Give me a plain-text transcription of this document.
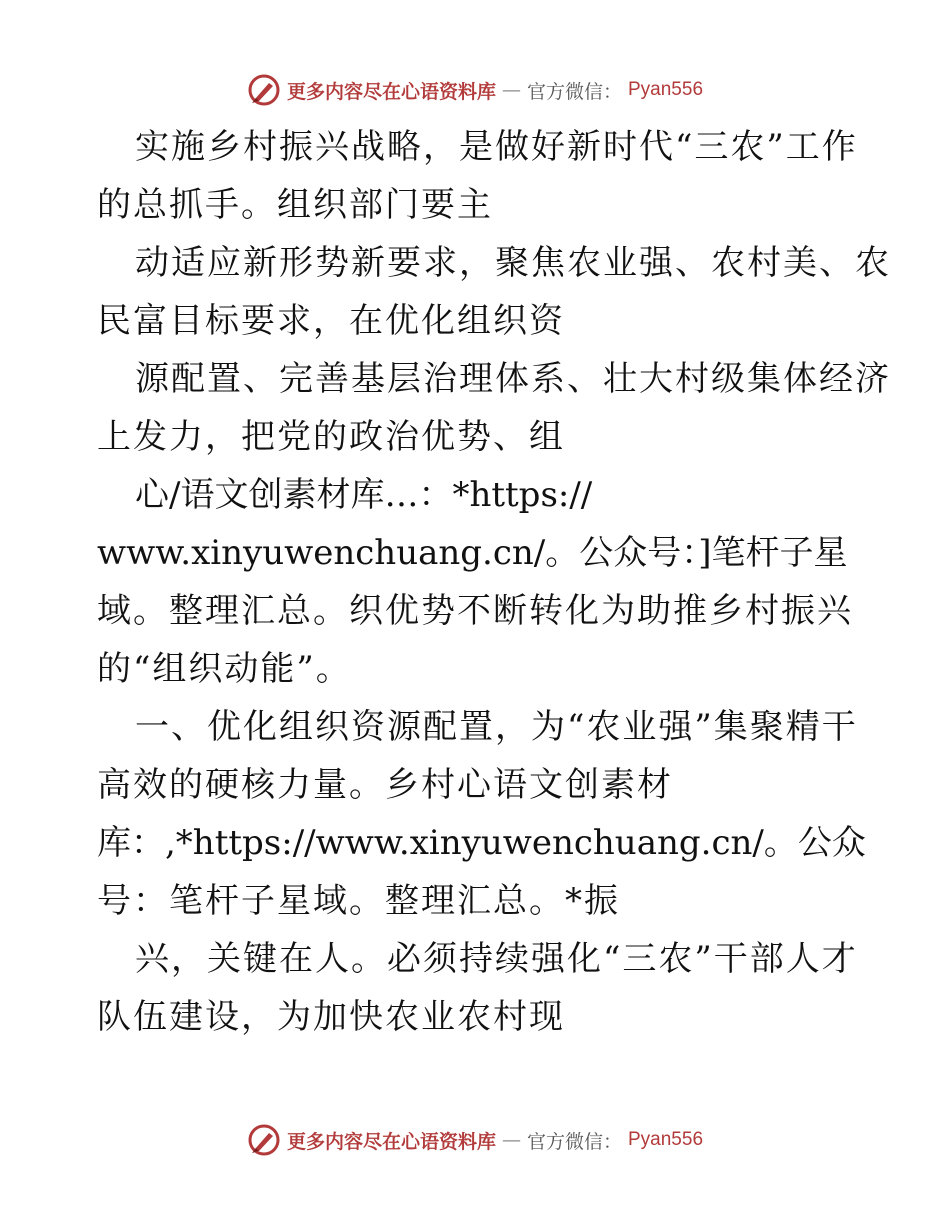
更多内容尽在心语资料库 — 官方微信： Pyan556
实施乡村振兴战略，是做好新时代“三农”工作
的总抓手。组织部门要主
动适应新形势新要求，聚焦农业强、农村美、农
民富目标要求，在优化组织资
源配置、完善基层治理体系、壮大村级集体经济
上发力，把党的政治优势、组
心/语文创素材库…：*https://
www.xinyuwenchuang.cn/。公众号：]笔杆子星
域。整理汇总。织优势不断转化为助推乡村振兴
的“组织动能”。
一、优化组织资源配置，为“农业强”集聚精干
高效的硬核力量。乡村心语文创素材
库：,*https://www.xinyuwenchuang.cn/。公众
号：笔杆子星域。整理汇总。*振
兴，关键在人。必须持续强化“三农”干部人才
队伍建设，为加快农业农村现
更多内容尽在心语资料库 — 官方微信： Pyan556
